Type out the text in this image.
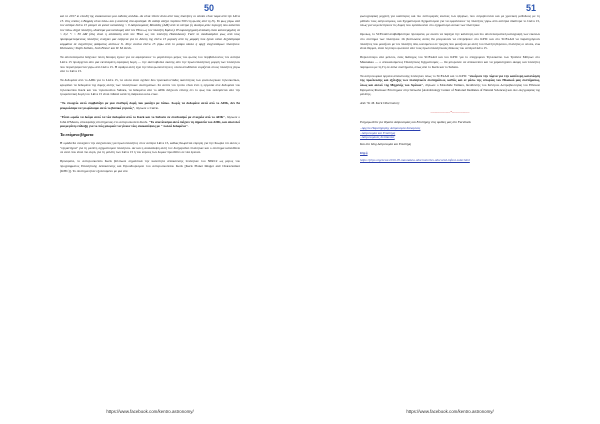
50

και το 2017 κι επειδή της ανακοινώνει μια ευθείας ανόδου. Αν είναι τίποτε άλλο από τους πλανήτες οι οποίοι είναι τώρα από την LkCa 15. Στις οποίες ο Βορράς είναι πάνω και η ανατολή στα αριστερά. Το ασπέρ απέχει περίπου 500 ετη φωτός από τη Γη. Το φως γύρω από τον αστέρα LkCa 15 μπορεί να φανεί καταλάνης ~ 9 Αστρονομικές Μονάδες (ΑΜ) από το κέντρο (η συνάρα μπλε περιοχή που καλύπτει τον πάνω δεξιά πλανήτη, ιδιαίτερα μια κατανομή από τον Ήλιο ως τον πλανήτη Κρόνο). Η ουρανοχημική ανάλυση είναι κατανεμημένη σε ~ 0,2 "/ ~ 30 ΑΜ (όλη είναι η απόσταση από τον Ήλιο ως τον πλανήτη Ποσειδώνα). Γιατί το συνδυασμένο φως από τους προπρομεινόμενους πλανήτες ενισχύει μια ενέργεια για το δείκτη της LkCa 15 μερικές από τις μορφές που έχουν κάνει δεξιόστροφα κομμάτια σε συχνότητες φάσματος ακτίνων Χ. Στην εικόνα LkCa 15 γύρω από το μαύρο κύκλο η αρχή ανιχνεύσιμων πλανητών. Πιστώσεις: Steph Sallum, Josh Eisner και W. M. Keck.

Τα αποτελέσματα δείχνουν πόση δύναμη έχουν για να αφαιρέσουν το μεγαλύτερο μέρος του φωτός του περιβάλλοντος τον αστέρα LkCa 15 προέρχεται από μια εκτεταμένη σφαιρική δομή — την ακτινοβολία σκόνης από την πρωτοπλανητική μορφή των πλανητών που περιστρέφονται γύρω από LkCa 15. Η σφαίρα αυτή έχει την ίδια φωτεινότητα η οποία αποδίδεται νομίζεται στους πλανήτες γύρω από το LkCa 15.

Τα δεδομένα από το ΑΠΚ για το LkCa 15, τα οποία είναι σχεδόν δύο τρισεκατοντάδες ικανότητας των φυσιολογικών τηλεσκοπίων, κρυφάνει τα δεδομένα της δομής αυτής των πλανητικών συστημάτων. Σε αυτόν τον τρόπο είναι έτσι η εργασία στα δεδομένα του τηλεσκοπίου Keck και του τηλεσκοπίου Subaru, τα δεδομένα από το ΑΠΚ δείχνουν επίσης ότι το φως που εκπέμπεται από την τροφοδοτική δομή του LkCa 15 είναι πιθανά κατά τη διάρκεια οκτώ ετών.

"Το στοιχείο αυτό συμβαδίζει με μια σταθερή δομή που μοιάζει με δίσκο. Χωρίς τα δεδομένα αυτά από το ΑΠΚ, δεν θα μπορούσαμε να γνωρίσουμε αυτό το βασικό γεγονός", δήλωσε ο Currie.

"Είναι ωραίο να δούμε αυτό τα νέα δεδομένα από το Keck και το Subaru σε συνδυασμό με στοιχεία από το ΑΠΚ", δήλωσε ο John O'Meara, επικεφαλής επιστήμονας στο αστεροσκοπείο Keck. "Το αποτέλεσμα αυτό δείχνει τη σημασία του ΑΠΚ, και αποτελεί μια μεγάλη επίδειξη για το πώς μπορούν να γίνουν νέες ανακαλύψεις με " πολλά δεδομένα".

Τα επόμενα βήματα

Η ομάδα θα συνεχίσει την ανιχνεύσεις για πρωτοπλανήτες στον αστέρα LkCa 15, καθώς θεωρείται εύρηση για την θεωρία ότι αυτός ο "εργαστήρια" για τη μελέτη σχηματισμού πλανητών. Αν και η ανακάλυψη αυτή τον δυσχεραίνει πλανητών και ο σύστημα κατευθύνει σε αυτό που είναι πιο ευρύ, για τη μελέτη των LkCa 15 ή του εύρους των δομών προσθέτει σε νέα έρευνα.

Πρόσφατα, το αστεροσκοπείο Keck βελτίωσε σημαντικά την ικανότητα απεικόνισης πλανητών του NIRC2 ως μέρος του προγράμματος Πλανητικής Απεικόνισης και Προσδιορισμού του αστεροσκοπείου Keck [Keck Planet Imager and Characterizer (KPIC)]. Το σύστημα ήταν εξοπλισμένο με μια νέα

https://www.facebook.com/kentro.astronomy/
51

φωτογραφική μηχανή για καλύτερες και πιο λεπτομερείς εικόνες των ψηφίων, που συγκρίνονται και με χρονικές μεθόδους με τη μέθοδο τους αστρονόμους, και Σχηματισμού Σχηματισμού για να εμφανίσουν τις πλανήτες γύρω από αστέρια ιδιαίτερα το LkCa 15, όπως για να μελετήσουν τις δομές που εμπλέκονται στο σχηματισμό αυτών των πλανητών.

Ομοίως, το SCExAO αναβαθμίστηκε πρόσφατα, με σκοπό να παρέχει την καλύτερη και πιο αποτελεσματική καταγραφή των εικόνων στο σύστημα των πλανητών. Οι βελτιώσεις αυτές θα μπορούσαν να επιτρέψουν στο KPIC και στο SCExAO να παρατηρήσουν πλανήτες που μοιάζουν με τον πλανήτη Δία, κοινόμενοι σε τροχιές που μοιάζουν με αυτή του πλανήτη Κρόνου, πλανήτες οι οποίοι, ενώ είναι θερμοί, είναι λιγότερο φωτεινοί από τους πρωτοπλανητικούς δίσκους του αστέρα LkCa 15.

Περισσότερο από μέλλον, ένας διάδοχος του SCExAO και του KPIC για το επερχόμενο Τηλεσκόπιο των Τριάντα Μέτρων στο Maunakea — ο αποκαλούμενος Πλανητικός Σχηματισμός — θα μπορούσε να απεικονίσει και να χαρακτηρίσει ακόμη και πλανήτες παρόμοιοι με τη Γη σε άλλα συστήματα, όπως από το Keck και το Subaru.

Τα αστρονομικά όργανα απεικόνισης πλανητών όπως το SCExAO και το KPIC "ανοίγουν την πόρτα για την καλύτερη κατανόηση της προέλευσης και εξέλιξης των πλανητικών συστημάτων, καθώς και εν μέσω της ιστορίας του Ηλιακού μας συστήματος, όπως και αυτού της Μηχανής του Χρόνου", δήλωσε ο Motohide Tamura, διευθυντής του Κέντρου Αστροβιολογίας του Εθνικού Ιδρύματος Φυσικών Επιστημών στην Ιαπωνία (Astrobiology Center of National Institutes of Natural Sciences) και συν-συγγραφέας της μελέτης.

Από: W. M. Keck Observatory

------------------*----------------

Ενημερωθείτε για θέματα Αστρονομίας και Επιστήμης στις ομάδες μας στο Facebook

. Αρχείο Παρατήρησης Αστρονομία Σαλαμίνας
. Αστρονομία και Επιστήμη
. Αστρονομικές Σελίδαλίας

Και στο blog Αστρονομία και Επιστήμη

Πηγή

https://phys.org/news/2019-05-maunakea-observatories-obscured-infant-solar.html

https://www.facebook.com/kentro.astronomy/
